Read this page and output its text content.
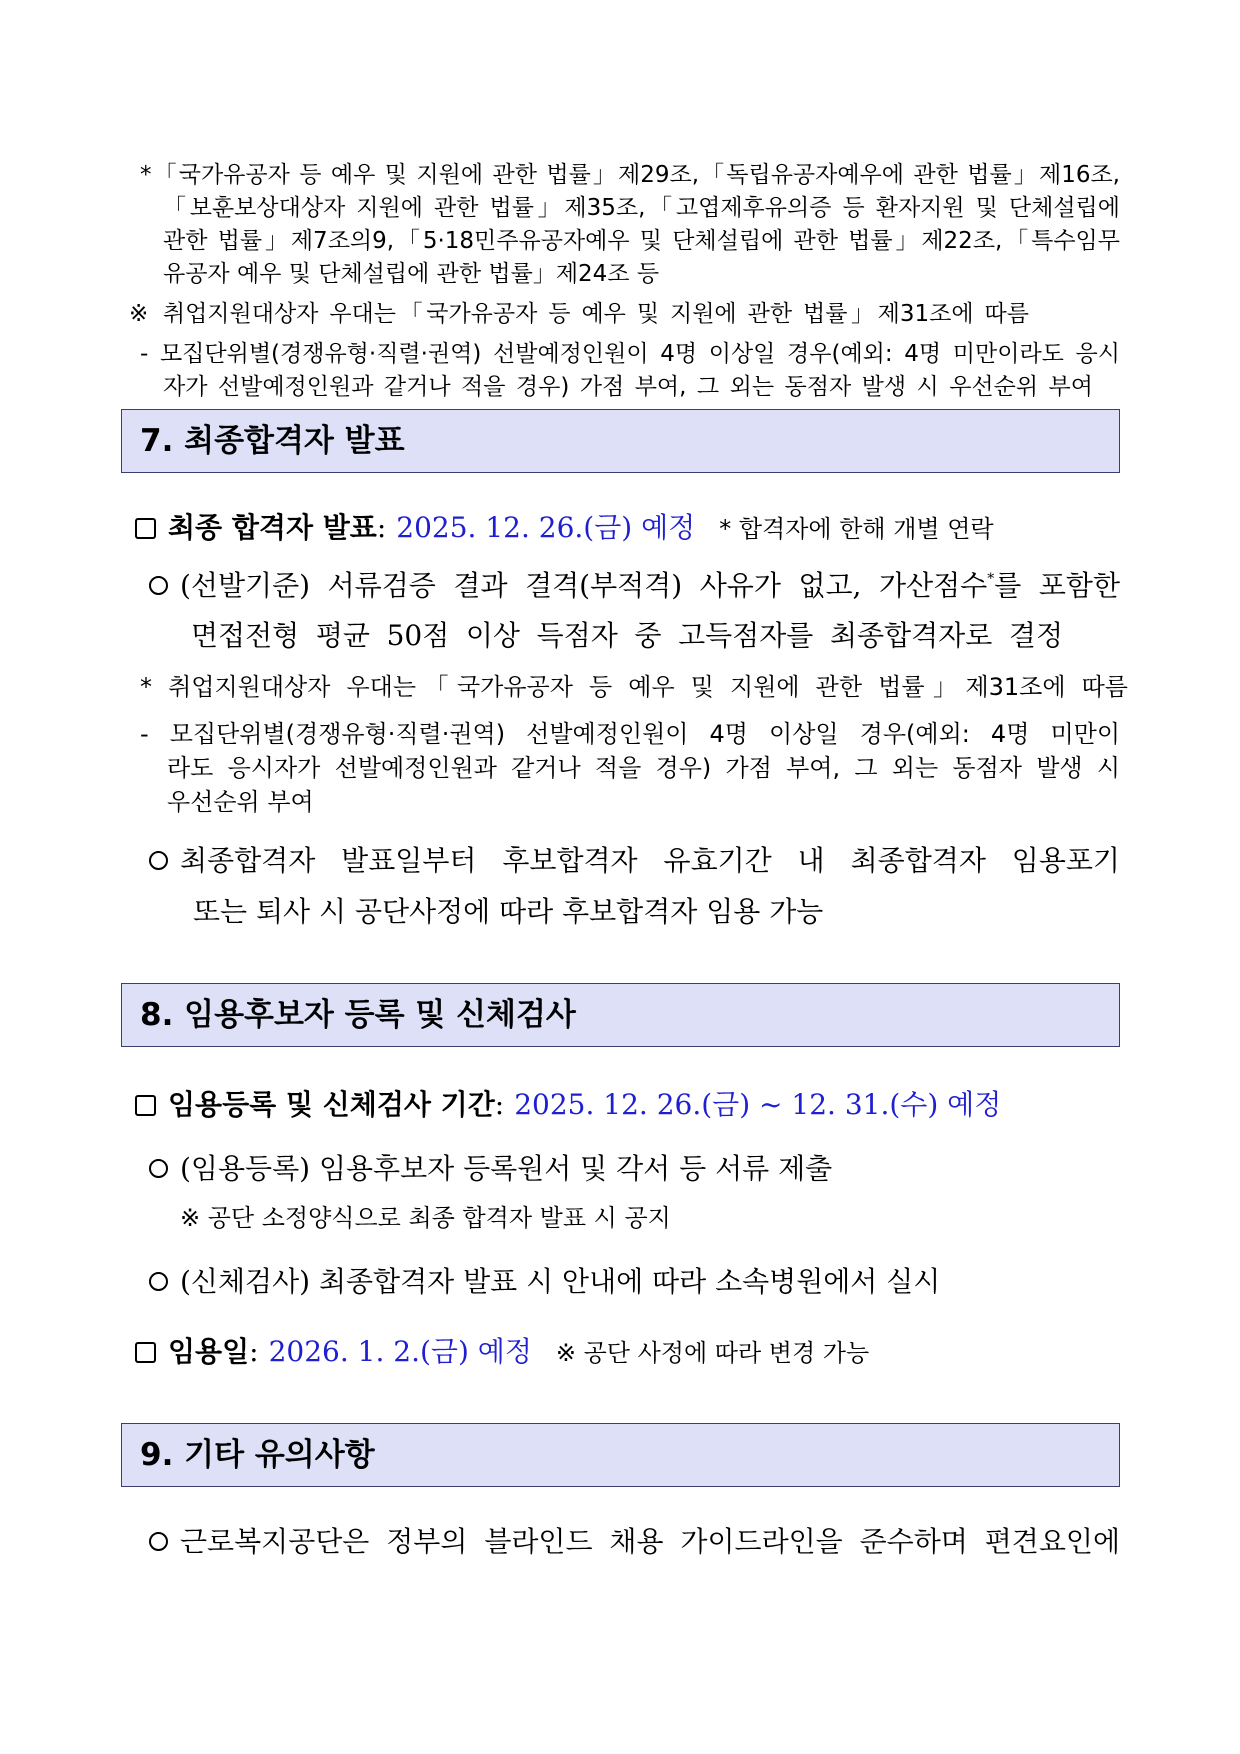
*「국가유공자 등 예우 및 지원에 관한 법률」제29조,「독립유공자예우에 관한 법률」제16조,
「보훈보상대상자 지원에 관한 법률」제35조,「고엽제후유의증 등 환자지원 및 단체설립에
관한 법률」제7조의9,「5·18민주유공자예우 및 단체설립에 관한 법률」제22조,「특수임무
유공자 예우 및 단체설립에 관한 법률」제24조 등
※ 취업지원대상자 우대는「국가유공자 등 예우 및 지원에 관한 법률」제31조에 따름
- 모집단위별(경쟁유형·직렬·권역) 선발예정인원이 4명 이상일 경우(예외: 4명 미만이라도 응시
자가 선발예정인원과 같거나 적을 경우) 가점 부여, 그 외는 동점자 발생 시 우선순위 부여
7. 최종합격자 발표
최종 합격자 발표: 2025. 12. 26.(금) 예정 * 합격자에 한해 개별 연락
(선발기준) 서류검증 결과 결격(부적격) 사유가 없고, 가산점수*를 포함한
면접전형 평균 50점 이상 득점자 중 고득점자를 최종합격자로 결정
* 취업지원대상자 우대는「국가유공자 등 예우 및 지원에 관한 법률」제31조에 따름
- 모집단위별(경쟁유형·직렬·권역) 선발예정인원이 4명 이상일 경우(예외: 4명 미만이
라도 응시자가 선발예정인원과 같거나 적을 경우) 가점 부여, 그 외는 동점자 발생 시
우선순위 부여
최종합격자 발표일부터 후보합격자 유효기간 내 최종합격자 임용포기
또는 퇴사 시 공단사정에 따라 후보합격자 임용 가능
8. 임용후보자 등록 및 신체검사
임용등록 및 신체검사 기간: 2025. 12. 26.(금) ~ 12. 31.(수) 예정
(임용등록) 임용후보자 등록원서 및 각서 등 서류 제출
※ 공단 소정양식으로 최종 합격자 발표 시 공지
(신체검사) 최종합격자 발표 시 안내에 따라 소속병원에서 실시
임용일: 2026. 1. 2.(금) 예정 ※ 공단 사정에 따라 변경 가능
9. 기타 유의사항
근로복지공단은 정부의 블라인드 채용 가이드라인을 준수하며 편견요인에
